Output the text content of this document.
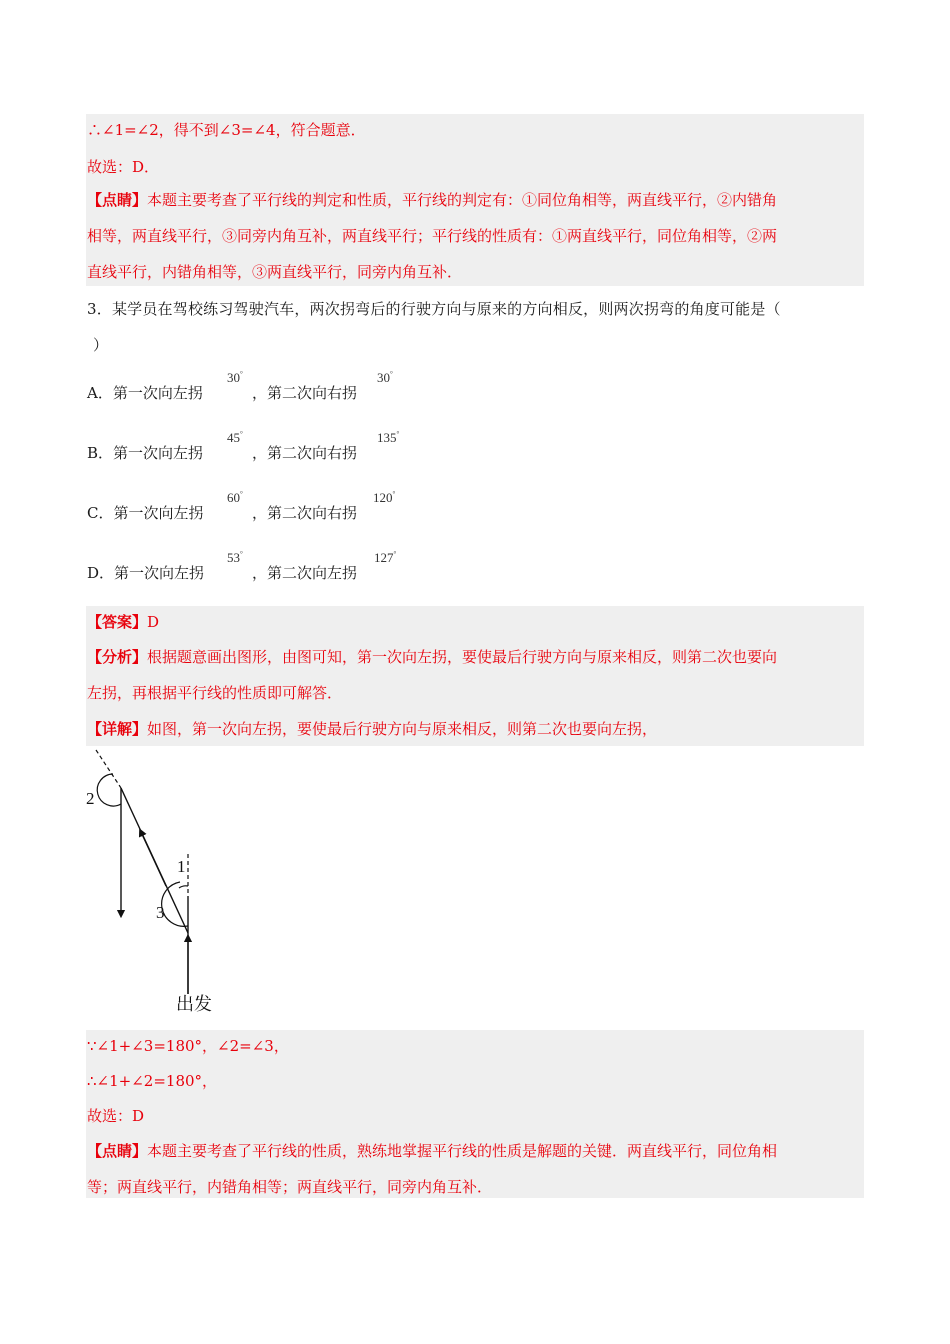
∴∠1=∠2，得不到∠3=∠4，符合题意．
故选：D．
【点睛】本题主要考查了平行线的判定和性质，平行线的判定有：①同位角相等，两直线平行，②内错角
相等，两直线平行，③同旁内角互补，两直线平行；平行线的性质有：①两直线平行，同位角相等，②两
直线平行，内错角相等，③两直线平行，同旁内角互补．
3．某学员在驾校练习驾驶汽车，两次拐弯后的行驶方向与原来的方向相反，则两次拐弯的角度可能是（
）
A．第一次向左拐
30°
，第二次向右拐
30°
B．第一次向左拐
45°
，第二次向右拐
135°
C．第一次向左拐
60°
，第二次向右拐
120°
D．第一次向左拐
53°
，第二次向左拐
127°
【答案】D
【分析】根据题意画出图形，由图可知，第一次向左拐，要使最后行驶方向与原来相反，则第二次也要向
左拐，再根据平行线的性质即可解答．
【详解】如图，第一次向左拐，要使最后行驶方向与原来相反，则第二次也要向左拐，
2
1
3
出发
∵∠1+∠3=180°，∠2=∠3，
∴∠1+∠2=180°，
故选：D
【点睛】本题主要考查了平行线的性质，熟练地掌握平行线的性质是解题的关键．两直线平行，同位角相
等；两直线平行，内错角相等；两直线平行，同旁内角互补．
